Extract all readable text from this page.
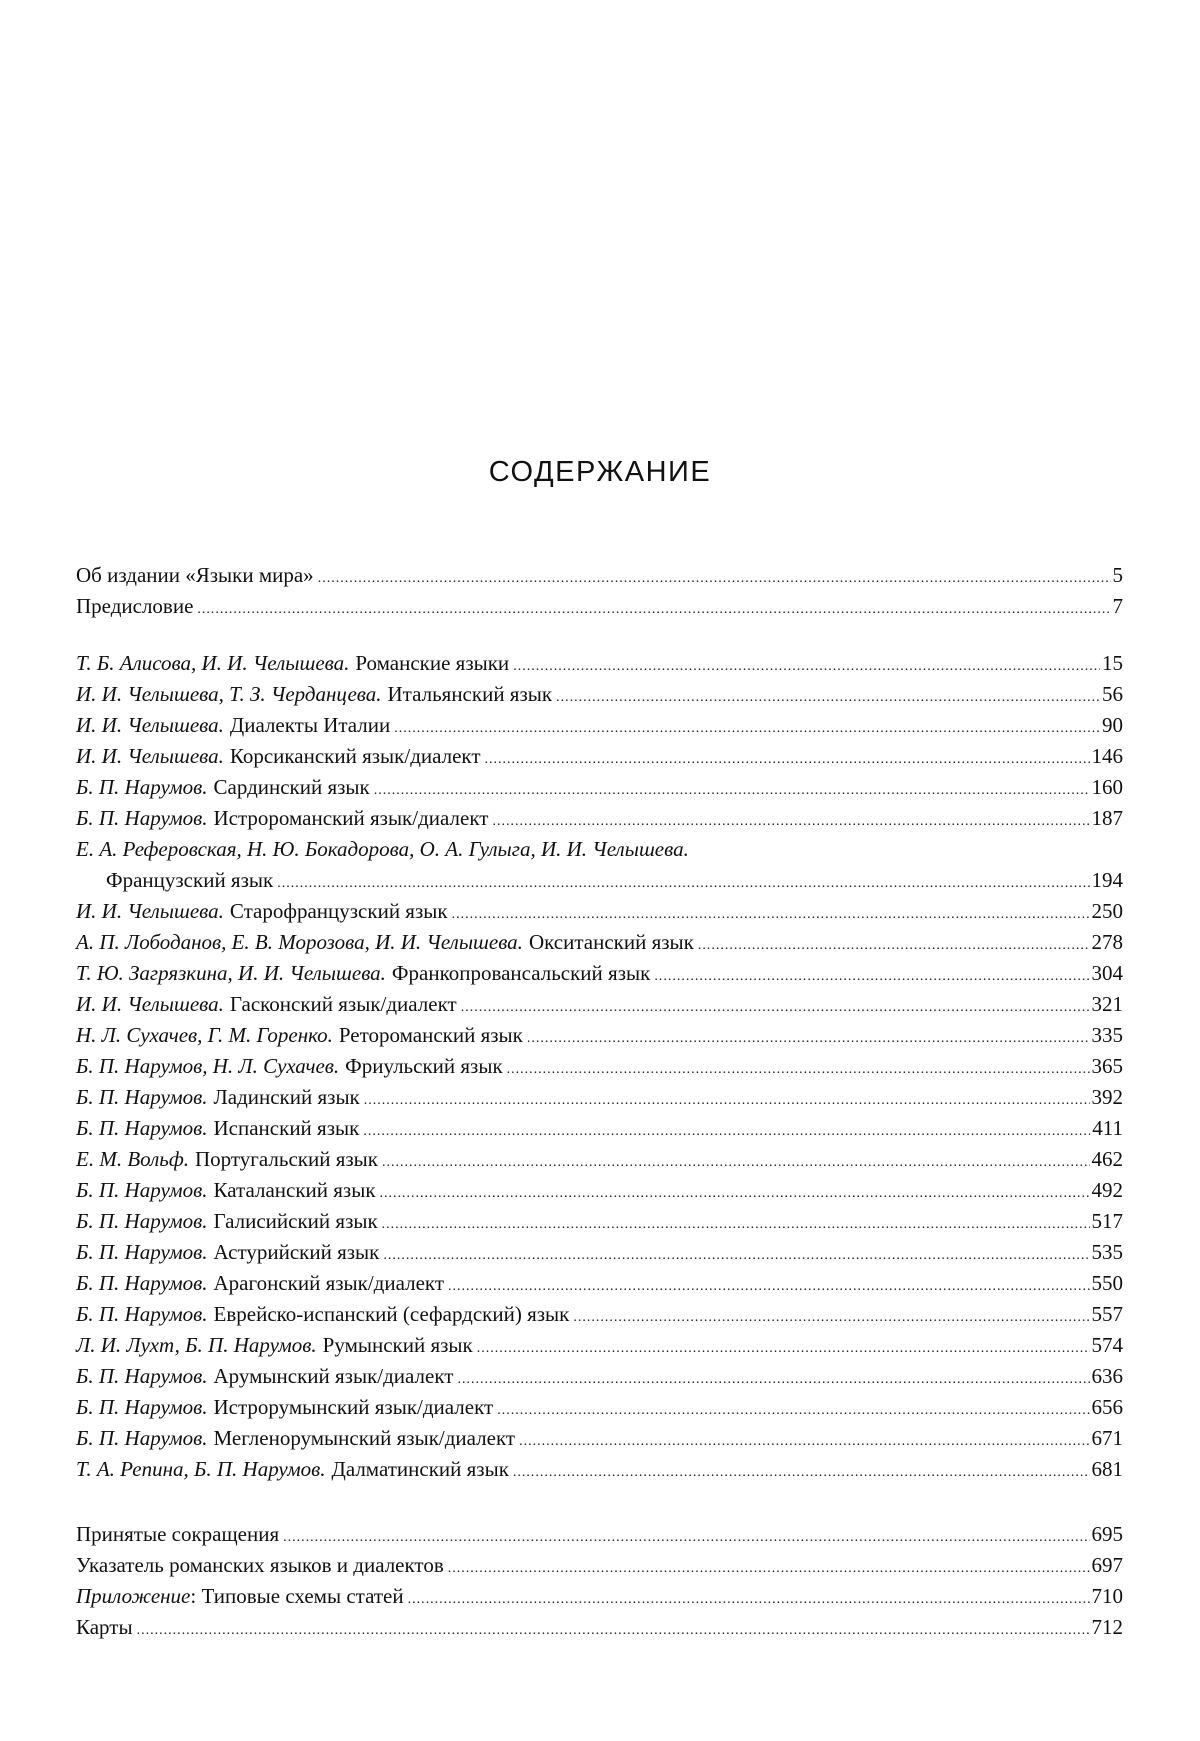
СОДЕРЖАНИЕ
Об издании «Языки мира» .....	5
Предисловие .....	7
Т. Б. Алисова, И. И. Челышева. Романские языки .....	15
И. И. Челышева, Т. З. Черданцева. Итальянский язык .....	56
И. И. Челышева. Диалекты Италии .....	90
И. И. Челышева. Корсиканский язык/диалект .....	146
Б. П. Нарумов. Сардинский язык .....	160
Б. П. Нарумов. Истророманский язык/диалект .....	187
Е. А. Реферовская, Н. Ю. Бокадорова, О. А. Гулыга, И. И. Челышева.
Французский язык .....	194
И. И. Челышева. Старофранцузский язык .....	250
А. П. Лободанов, Е. В. Морозова, И. И. Челышева. Окситанский язык .....	278
Т. Ю. Загрязкина, И. И. Челышева. Франкопровансальский язык .....	304
И. И. Челышева. Гасконский язык/диалект .....	321
Н. Л. Сухачев, Г. М. Горенко. Ретороманский язык .....	335
Б. П. Нарумов, Н. Л. Сухачев. Фриульский язык .....	365
Б. П. Нарумов. Ладинский язык .....	392
Б. П. Нарумов. Испанский язык .....	411
Е. М. Вольф. Португальский язык .....	462
Б. П. Нарумов. Каталанский язык .....	492
Б. П. Нарумов. Галисийский язык .....	517
Б. П. Нарумов. Астурийский язык .....	535
Б. П. Нарумов. Арагонский язык/диалект .....	550
Б. П. Нарумов. Еврейско-испанский (сефардский) язык .....	557
Л. И. Лухт, Б. П. Нарумов. Румынский язык .....	574
Б. П. Нарумов. Арумынский язык/диалект .....	636
Б. П. Нарумов. Истрорумынский язык/диалект .....	656
Б. П. Нарумов. Мегленорумынский язык/диалект .....	671
Т. А. Репина, Б. П. Нарумов. Далматинский язык .....	681
Принятые сокращения .....	695
Указатель романских языков и диалектов .....	697
Приложение : Типовые схемы статей .....	710
Карты .....	712
